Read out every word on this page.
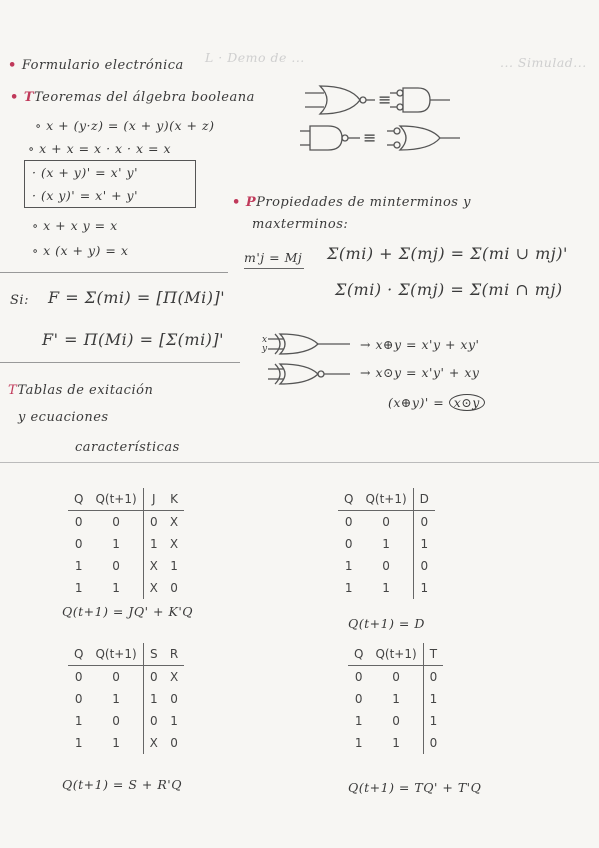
L · Demo de ...	... Simulad...
• Formulario electrónica
• TTeoremas del álgebra booleana
∘ x + (y·z) = (x + y)(x + z)
∘ x + x = x · x · x = x
· (x + y)' = x' y'
· (x y)' = x' + y'
∘ x + x y = x
∘ x (x + y) = x
≡
≡
• PPropiedades de minterminos y
maxterminos:
m'j = Mj Σ(mi) + Σ(mj) = Σ(mi ∪ mj)'
Σ(mi) · Σ(mj) = Σ(mi ∩ mj)
Si: F = Σ(mi) = [Π(Mi)]'
F' = Π(Mi) = [Σ(mi)]'	x y	→ x⊕y = x'y + xy'
→ x⊙y = x'y' + xy
(x⊕y)' = x⊙y
TTablas de exitación
y ecuaciones
características
Q	Q(t+1)	J	K
0	0	0	X
0	1	1	X
1	0	X	1
1	1	X	0
Q(t+1) = JQ' + K'Q
Q	Q(t+1)	D
0	0	0
0	1	1
1	0	0
1	1	1
Q(t+1) = D
Q	Q(t+1)	S	R
0	0	0	X
0	1	1	0
1	0	0	1
1	1	X	0
Q(t+1) = S + R'Q
Q	Q(t+1)	T
0	0	0
0	1	1
1	0	1
1	1	0
Q(t+1) = TQ' + T'Q
